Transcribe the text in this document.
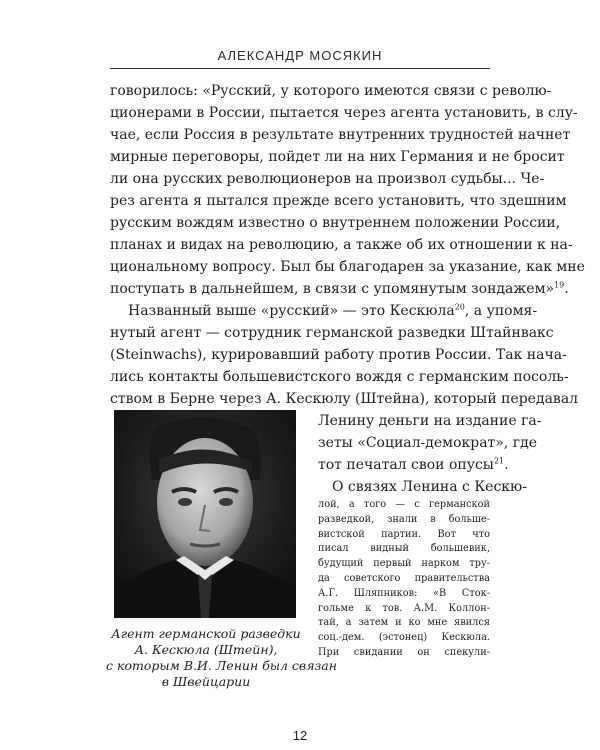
АЛЕКСАНДР МОСЯКИН
говорилось: «Русский, у которого имеются связи с револю-
ционерами в России, пытается через агента установить, в слу-
чае, если Россия в результате внутренних трудностей начнет
мирные переговоры, пойдет ли на них Германия и не бросит
ли она русских революционеров на произвол судьбы... Че-
рез агента я пытался прежде всего установить, что здешним
русским вождям известно о внутреннем положении России,
планах и видах на революцию, а также об их отношении к на-
циональному вопросу. Был бы благодарен за указание, как мне
поступать в дальнейшем, в связи с упомянутым зондажем»$^{19}$.
Названный выше «русский» — это Кескюла$^{20}$, а упомя-
нутый агент — сотрудник германской разведки Штайнвакс
(Steinwachs), курировавший работу против России. Так нача-
лись контакты большевистского вождя с германским посоль-
ством в Берне через А. Кескюлу (Штейна), который передавал
Ленину деньги на издание га-
зеты «Социал-демократ», где
тот печатал свои опусы$^{21}$.
О связях Ленина с Кескю-
лой, а того — с германской
разведкой, знали в больше-
вистской партии. Вот что
писал видный большевик,
будущий первый нарком тру-
да советского правительства
А.Г. Шляпников: «В Сток-
гольме к тов. А.М. Коллон-
тай, а затем и ко мне явился
соц.-дем. (эстонец) Кескюла.
Агент германской разведки
А. Кескюла (Штейн),
с которым В.И. Ленин был связан
в Швейцарии
При свидании он спекули-
12
